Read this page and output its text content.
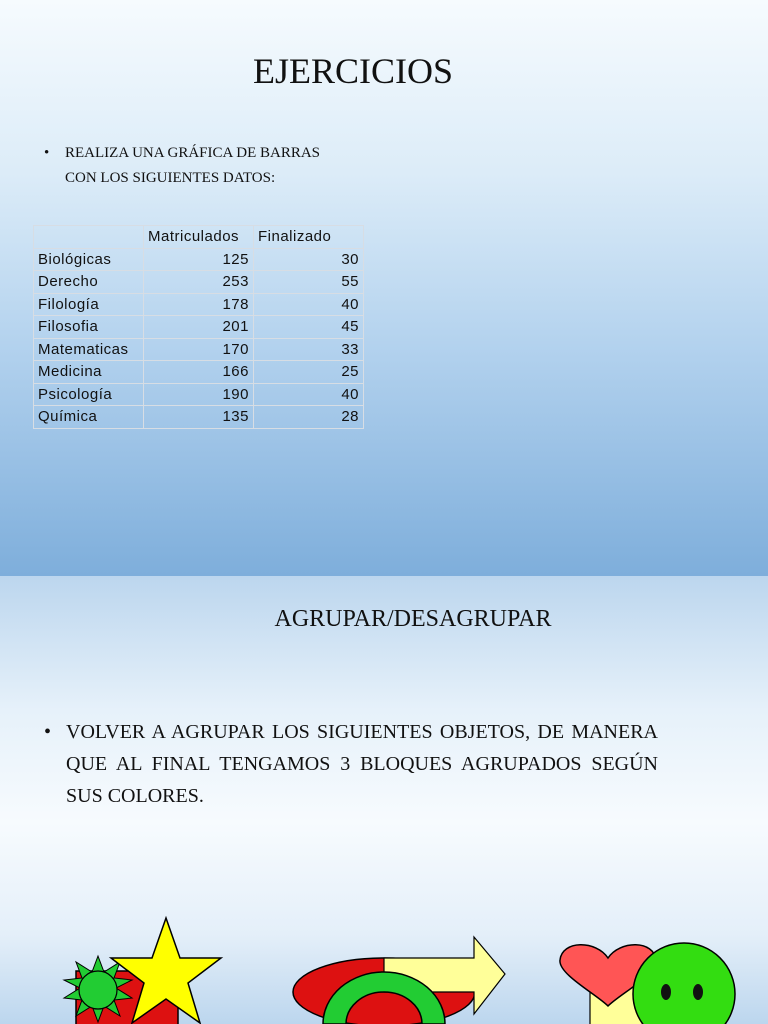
EJERCICIOS
• REALIZA UNA GRÁFICA DE BARRAS CON LOS SIGUIENTES DATOS:
	Matriculados	Finalizado
Biológicas	125	30
Derecho	253	55
Filología	178	40
Filosofia	201	45
Matematicas	170	33
Medicina	166	25
Psicología	190	40
Química	135	28
AGRUPAR/DESAGRUPAR
• VOLVER A AGRUPAR LOS SIGUIENTES OBJETOS, DE MANERA QUE AL FINAL TENGAMOS 3 BLOQUES AGRUPADOS SEGÚN SUS COLORES.
